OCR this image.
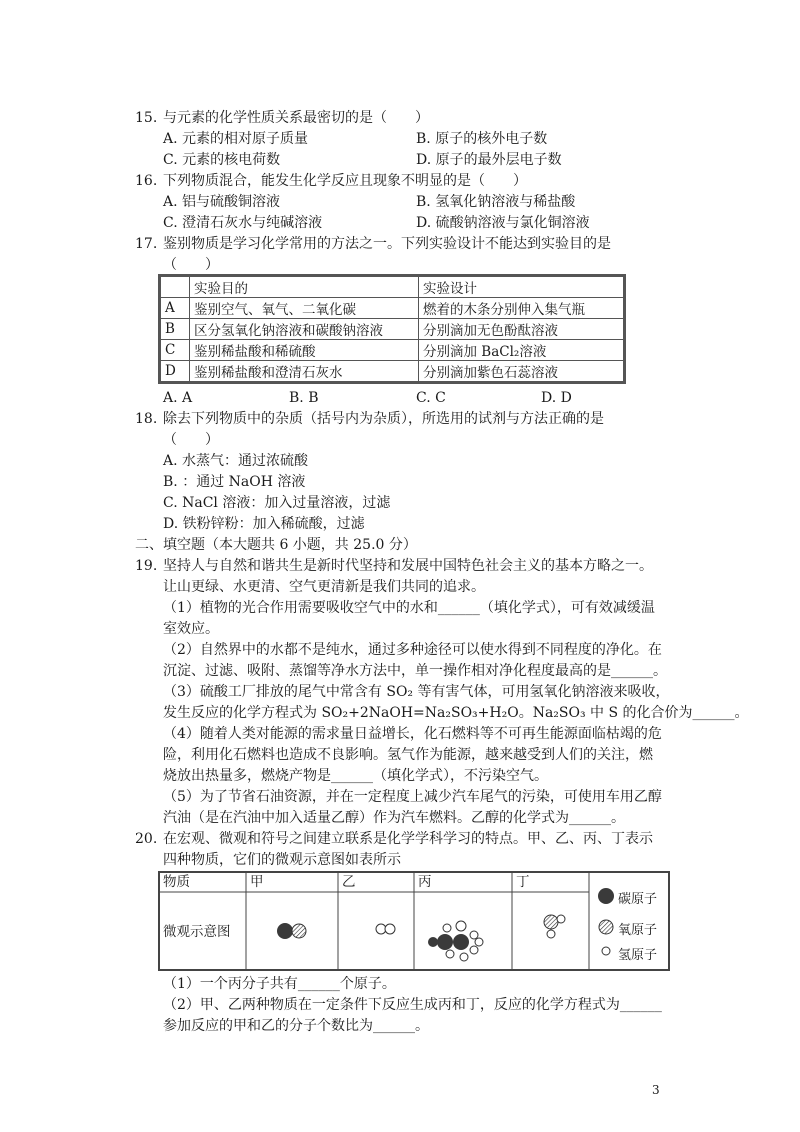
15. 与元素的化学性质关系最密切的是（　　）
A. 元素的相对原子质量	B. 原子的核外电子数
C. 元素的核电荷数	D. 原子的最外层电子数
16. 下列物质混合，能发生化学反应且现象不明显的是（　　）
A. 铝与硫酸铜溶液	B. 氢氧化钠溶液与稀盐酸
C. 澄清石灰水与纯碱溶液	D. 硫酸钠溶液与氯化铜溶液
17. 鉴别物质是学习化学常用的方法之一。下列实验设计不能达到实验目的是
（　　）
	实验目的	实验设计
A	鉴别空气、氧气、二氧化碳	燃着的木条分别伸入集气瓶
B	区分氢氧化钠溶液和碳酸钠溶液	分别滴加无色酚酞溶液
C	鉴别稀盐酸和稀硫酸	分别滴加 BaCl₂溶液
D	鉴别稀盐酸和澄清石灰水	分别滴加紫色石蕊溶液
A. A	B. B	C. C	D. D
18. 除去下列物质中的杂质（括号内为杂质），所选用的试剂与方法正确的是
（　　）
A. 水蒸气：通过浓硫酸
B. ：通过 NaOH 溶液
C. NaCl 溶液：加入过量溶液，过滤
D. 铁粉锌粉：加入稀硫酸，过滤
二、填空题（本大题共 6 小题，共 25.0 分）
19. 坚持人与自然和谐共生是新时代坚持和发展中国特色社会主义的基本方略之一。
让山更绿、水更清、空气更清新是我们共同的追求。
（1）植物的光合作用需要吸收空气中的水和______（填化学式），可有效减缓温
室效应。
（2）自然界中的水都不是纯水，通过多种途径可以使水得到不同程度的净化。在
沉淀、过滤、吸附、蒸馏等净水方法中，单一操作相对净化程度最高的是______。
（3）硫酸工厂排放的尾气中常含有 SO₂ 等有害气体，可用氢氧化钠溶液来吸收，
发生反应的化学方程式为 SO₂+2NaOH=Na₂SO₃+H₂O。Na₂SO₃ 中 S 的化合价为______。
（4）随着人类对能源的需求量日益增长，化石燃料等不可再生能源面临枯竭的危
险，利用化石燃料也造成不良影响。氢气作为能源，越来越受到人们的关注，燃
烧放出热量多，燃烧产物是______（填化学式），不污染空气。
（5）为了节省石油资源，并在一定程度上减少汽车尾气的污染，可使用车用乙醇
汽油（是在汽油中加入适量乙醇）作为汽车燃料。乙醇的化学式为______。
20. 在宏观、微观和符号之间建立联系是化学学科学习的特点。甲、乙、丙、丁表示
四种物质，它们的微观示意图如表所示
物质	甲	乙	丙	丁
微观示意图
碳原子
氧原子
氢原子
（1）一个丙分子共有______个原子。
（2）甲、乙两种物质在一定条件下反应生成丙和丁，反应的化学方程式为______
参加反应的甲和乙的分子个数比为______。
3
